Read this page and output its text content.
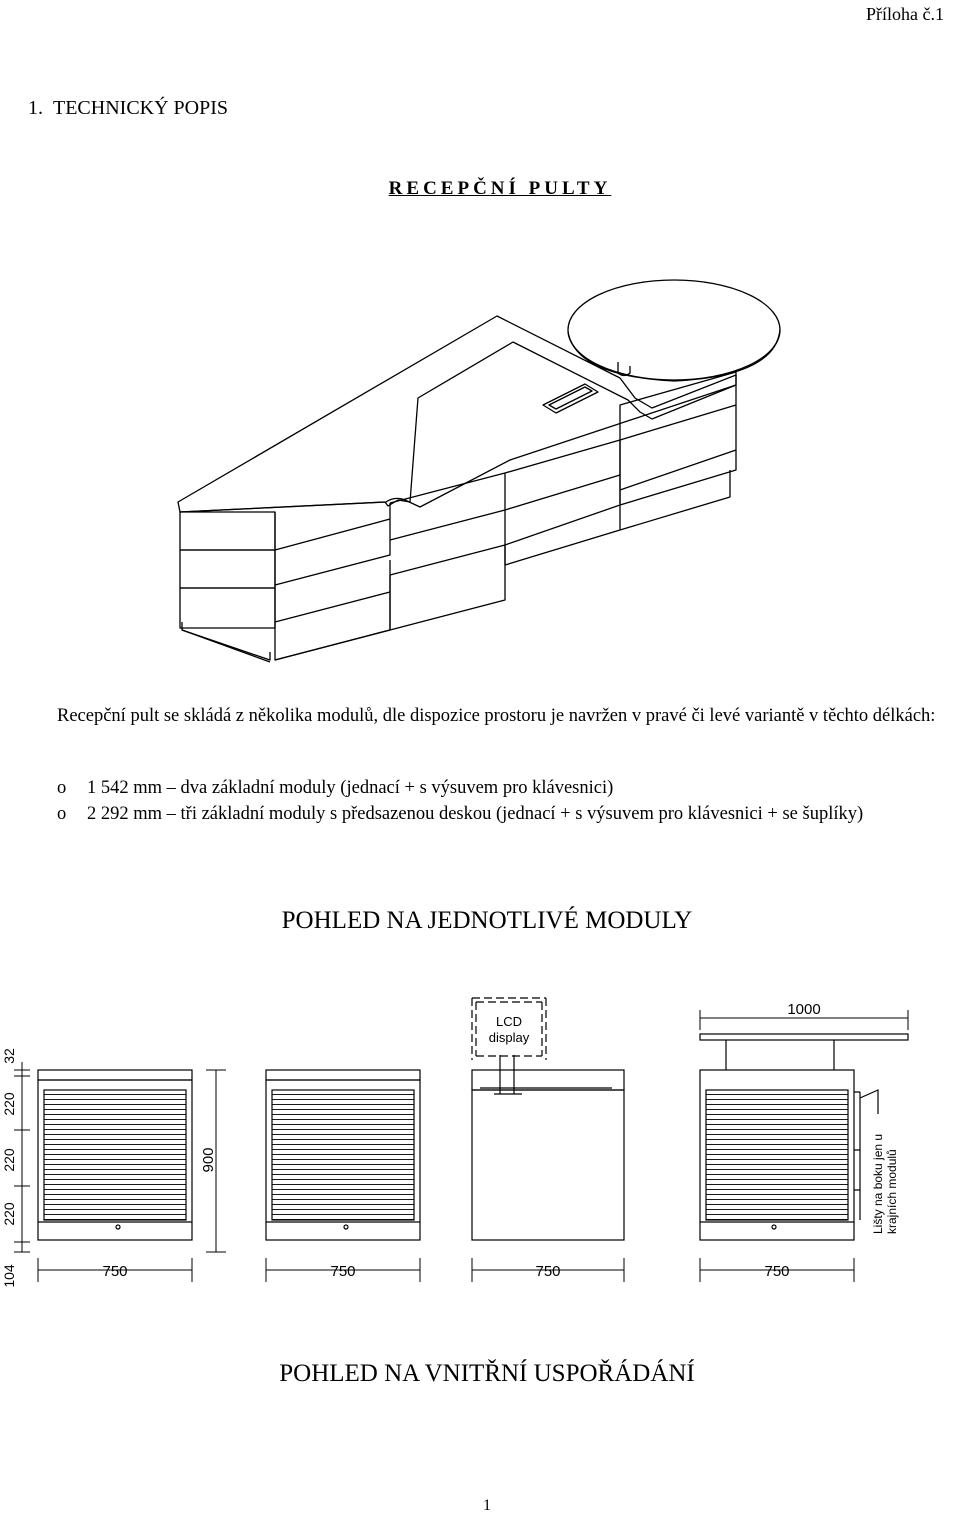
Příloha č.1
1. TECHNICKÝ POPIS
RECEPČNÍ PULTY
Recepční pult se skládá z několika modulů, dle dispozice prostoru je navržen v pravé či levé variantě v těchto délkách:
o 1 542 mm – dva základní moduly (jednací + s výsuvem pro klávesnici)
o 2 292 mm – tři základní moduly s předsazenou deskou (jednací + s výsuvem pro klávesnici + se šuplíky)
POHLED NA JEDNOTLIVÉ MODULY
750	750	750	750
1000
LCD
display
900
32
220
220
220
104
Lišty na boku jen u krajních modulů
POHLED NA VNITŘNÍ USPOŘÁDÁNÍ
1
